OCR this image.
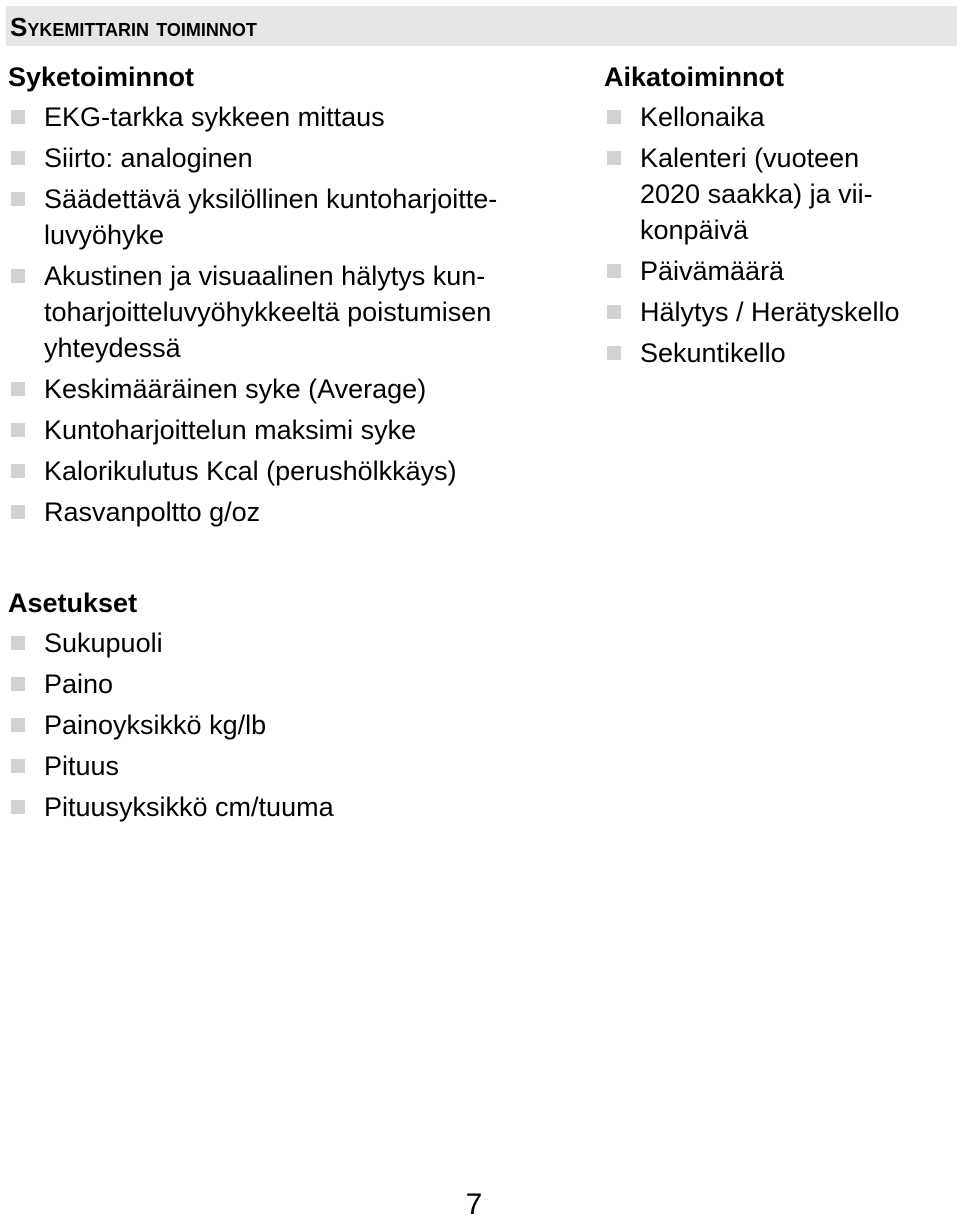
Sykemittarin toiminnot
Syketoiminnot
EKG-tarkka sykkeen mittaus
Siirto: analoginen
Säädettävä yksilöllinen kuntoharjoitte-
luvyöhyke
Akustinen ja visuaalinen hälytys kun-
toharjoitteluvyöhykkeeltä poistumisen
yhteydessä
Keskimääräinen syke (Average)
Kuntoharjoittelun maksimi syke
Kalorikulutus Kcal (perushölkkäys)
Rasvanpoltto g/oz
Aikatoiminnot
Kellonaika
Kalenteri (vuoteen
2020 saakka) ja vii-
konpäivä
Päivämäärä
Hälytys / Herätyskello
Sekuntikello
Asetukset
Sukupuoli
Paino
Painoyksikkö kg/lb
Pituus
Pituusyksikkö cm/tuuma
7
